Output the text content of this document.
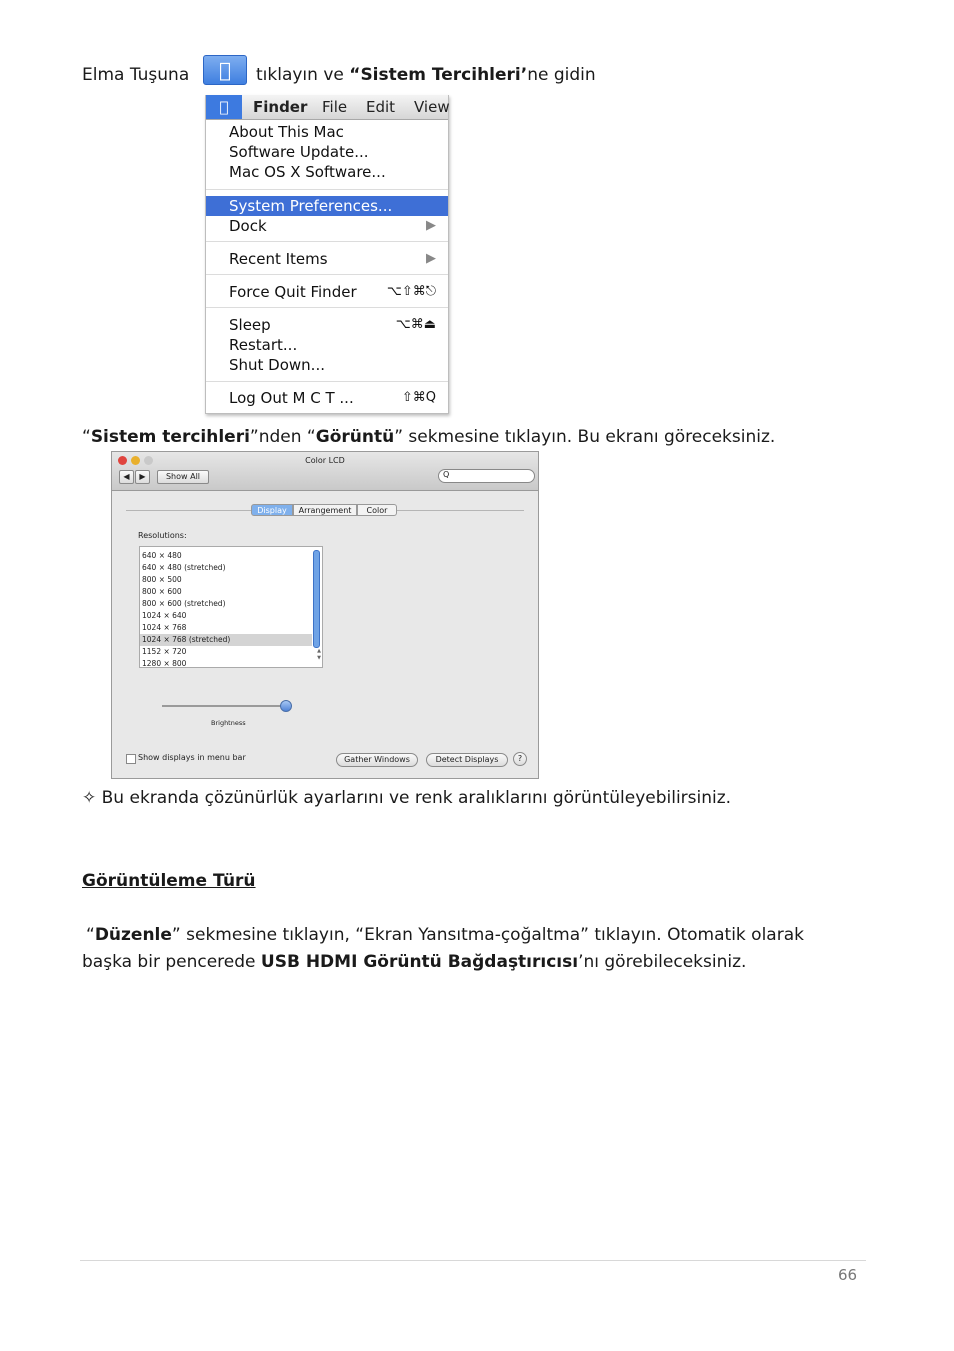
Elma Tuşuna	tıklayın ve “Sistem Tercihleri’ne gidin
Finder File Edit View
About This Mac
Software Update...
Mac OS X Software...
System Preferences...
Dock	▶
Recent Items	▶
Force Quit Finder ⌥⇧⌘⎋
Sleep	⌥⌘⏏
Restart...
Shut Down...
Log Out M C T ...	⇧⌘Q
“Sistem tercihleri”nden “Görüntü” sekmesine tıklayın. Bu ekranı göreceksiniz.
Color LCD
◀	▶	Show All	Q
Display	Arrangement	Color
Resolutions:
640 × 480
640 × 480 (stretched)
800 × 500
800 × 600
800 × 600 (stretched)
1024 × 640
1024 × 768
1024 × 768 (stretched)
1152 × 720
1280 × 800
▲
▼
Brightness
Show displays in menu bar	Gather Windows	Detect Displays	?
✧ Bu ekranda çözünürlük ayarlarını ve renk aralıklarını görüntüleyebilirsiniz.
Görüntüleme Türü
“Düzenle” sekmesine tıklayın, “Ekran Yansıtma-çoğaltma” tıklayın. Otomatik olarak
başka bir pencerede USB HDMI Görüntü Bağdaştırıcısı’nı görebileceksiniz.
66
